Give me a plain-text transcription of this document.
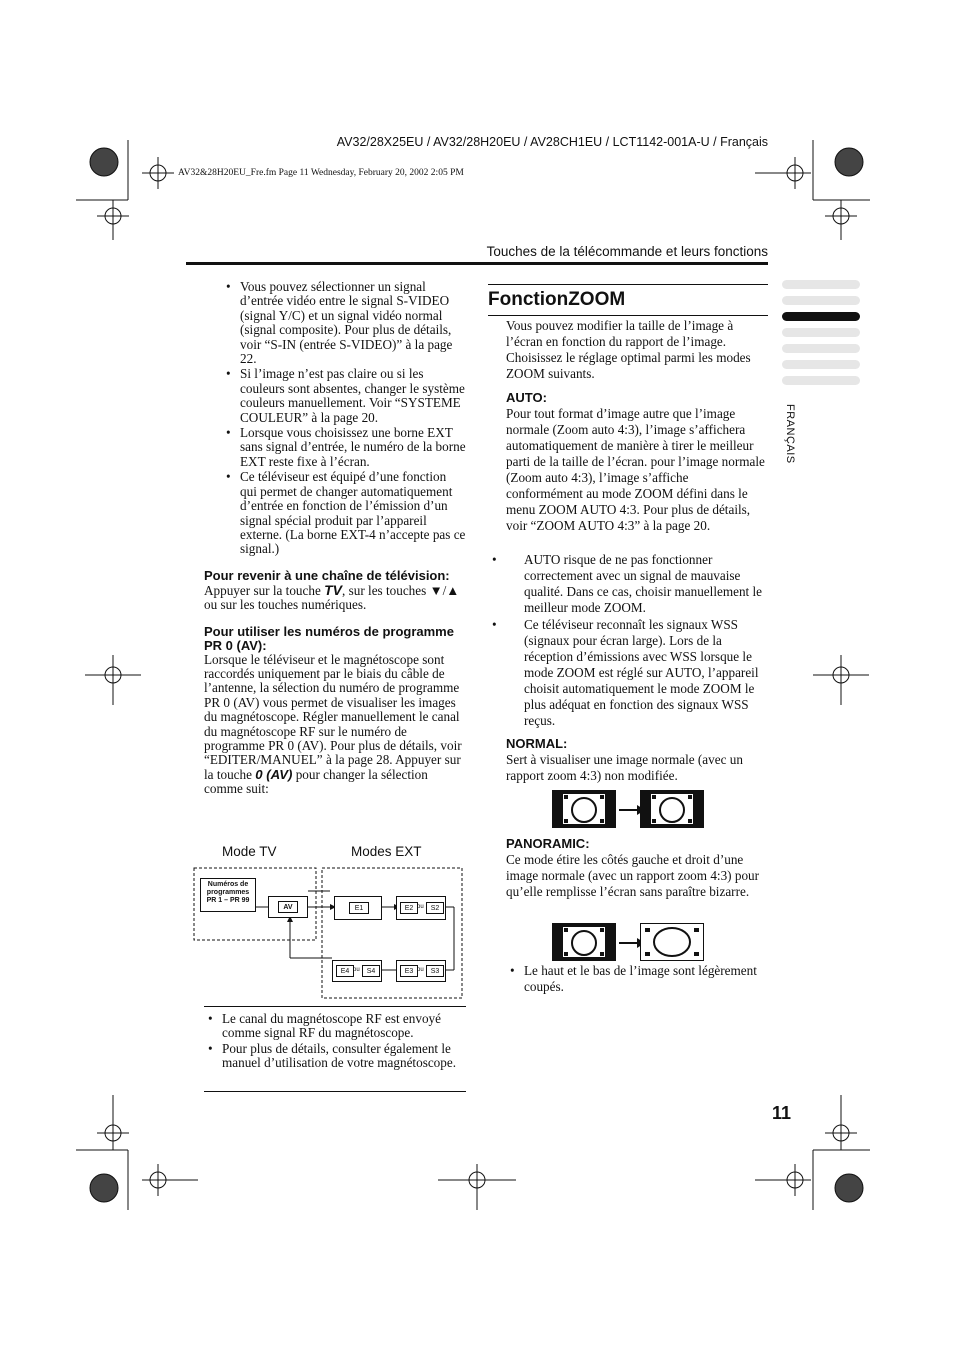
AV32/28X25EU / AV32/28H20EU / AV28CH1EU / LCT1142-001A-U / Français
AV32&28H20EU_Fre.fm Page 11 Wednesday, February 20, 2002 2:05 PM
Touches de la télécommande et leurs fonctions
FRANÇAIS
• Vous pouvez sélectionner un signal d’entrée vidéo entre le signal S-VIDEO (signal Y/C) et un signal vidéo normal (signal composite). Pour plus de détails, voir “S-IN (entrée S-VIDEO)” à la page 22.
• Si l’image n’est pas claire ou si les couleurs sont absentes, changer le système couleurs manuellement. Voir “SYSTEME COULEUR” à la page 20.
• Lorsque vous choisissez une borne EXT sans signal d’entrée, le numéro de la borne EXT reste fixe à l’écran.
• Ce téléviseur est équipé d’une fonction qui permet de changer automatiquement d’entrée en fonction de l’émission d’un signal spécial produit par l’appareil externe. (La borne EXT-4 n’accepte pas ce signal.)

Pour revenir à une chaîne de télévision:

Appuyer sur la touche TV, sur les touches ▼/▲ ou sur les touches numériques.

Pour utiliser les numéros de programme PR 0 (AV):

Lorsque le téléviseur et le magnétoscope sont raccordés uniquement par le biais du câble de l’antenne, la sélection du numéro de programme PR 0 (AV) vous permet de visualiser les images du magnétoscope. Régler manuellement le canal du magnétoscope RF sur le numéro de programme PR 0 (AV). Pour plus de détails, voir “EDITER/MANUEL” à la page 28. Appuyer sur la touche 0 (AV) pour changer la sélection comme suit:

Mode TV	Modes EXT
Numéros de programmes PR 1 – PR 99
AV	E1	E2 ou	S2
E4 ou	S4	E3 ou	S3
• Le canal du magnétoscope RF est envoyé comme signal RF du magnétoscope.
• Pour plus de détails, consulter également le manuel d’utilisation de votre magnétoscope.
FonctionZOOM
Vous pouvez modifier la taille de l’image à l’écran en fonction du rapport de l’image. Choisissez le réglage optimal parmi les modes ZOOM suivants.
AUTO:
Pour tout format d’image autre que l’image normale (Zoom auto 4:3), l’image s’affichera automatiquement de manière à tirer le meilleur parti de la taille de l’écran. pour l’image normale (Zoom auto 4:3), l’image s’affiche conformément au mode ZOOM défini dans le menu ZOOM AUTO 4:3. Pour plus de détails, voir “ZOOM AUTO 4:3” à la page 20.
• AUTO risque de ne pas fonctionner correctement avec un signal de mauvaise qualité. Dans ce cas, choisir manuellement le meilleur mode ZOOM.
• Ce téléviseur reconnaît les signaux WSS (signaux pour écran large). Lors de la réception d’émissions avec WSS lorsque le mode ZOOM est réglé sur AUTO, l’appareil choisit automatiquement le mode ZOOM le plus adéquat en fonction des signaux WSS reçus.
NORMAL:
Sert à visualiser une image normale (avec un rapport zoom 4:3) non modifiée.
PANORAMIC:
Ce mode étire les côtés gauche et droit d’une image normale (avec un rapport zoom 4:3) pour qu’elle remplisse l’écran sans paraître bizarre.
• Le haut et le bas de l’image sont légèrement coupés.
11
